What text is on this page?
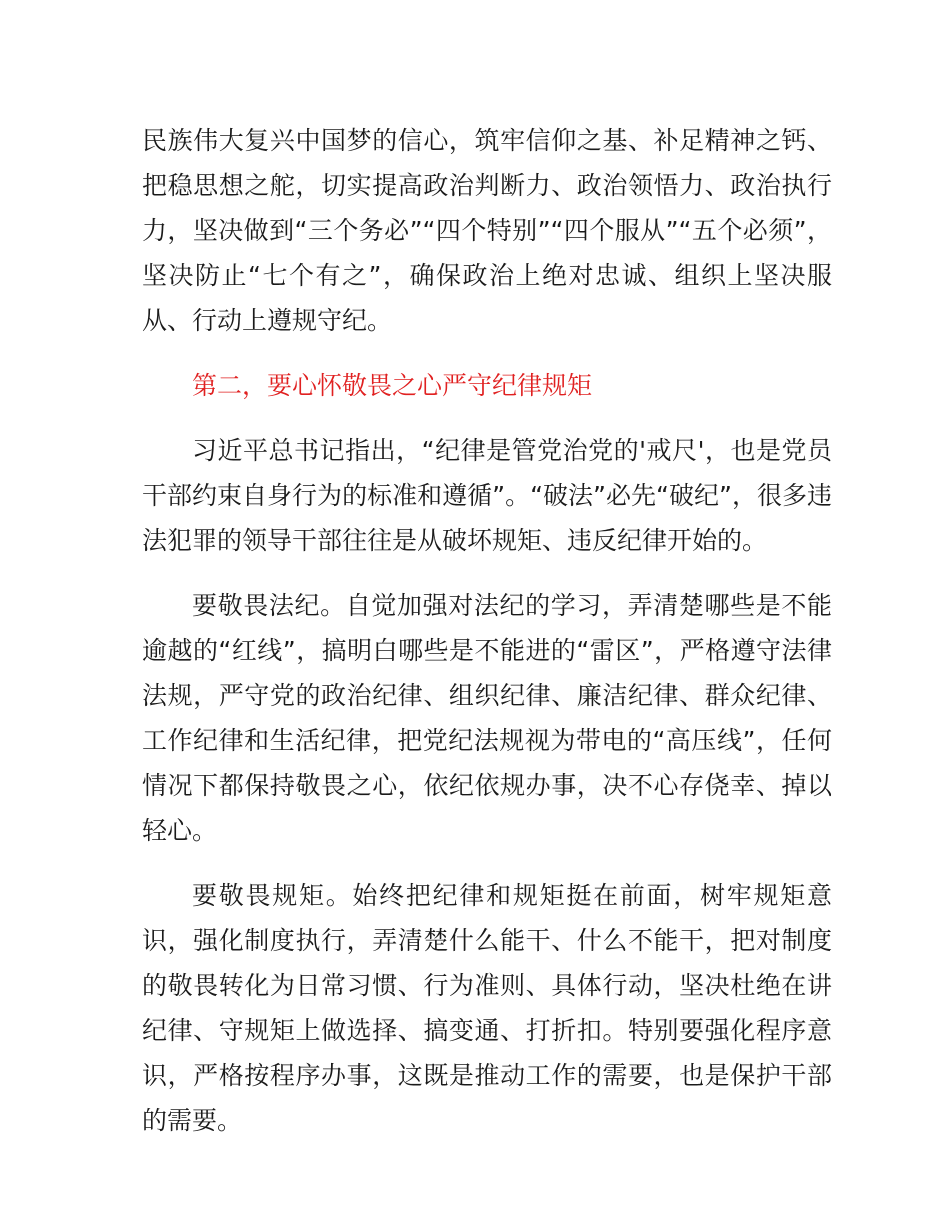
民族伟大复兴中国梦的信心，筑牢信仰之基、补足精神之钙、把稳思想之舵，切实提高政治判断力、政治领悟力、政治执行力，坚决做到“三个务必”“四个特别”“四个服从”“五个必须”，坚决防止“七个有之”，确保政治上绝对忠诚、组织上坚决服从、行动上遵规守纪。

第二，要心怀敬畏之心严守纪律规矩

习近平总书记指出，“纪律是管党治党的'戒尺'，也是党员干部约束自身行为的标准和遵循”。“破法”必先“破纪”，很多违法犯罪的领导干部往往是从破坏规矩、违反纪律开始的。

要敬畏法纪。自觉加强对法纪的学习，弄清楚哪些是不能逾越的“红线”，搞明白哪些是不能进的“雷区”，严格遵守法律法规，严守党的政治纪律、组织纪律、廉洁纪律、群众纪律、工作纪律和生活纪律，把党纪法规视为带电的“高压线”，任何情况下都保持敬畏之心，依纪依规办事，决不心存侥幸、掉以轻心。

要敬畏规矩。始终把纪律和规矩挺在前面，树牢规矩意识，强化制度执行，弄清楚什么能干、什么不能干，把对制度的敬畏转化为日常习惯、行为准则、具体行动，坚决杜绝在讲纪律、守规矩上做选择、搞变通、打折扣。特别要强化程序意识，严格按程序办事，这既是推动工作的需要，也是保护干部的需要。
